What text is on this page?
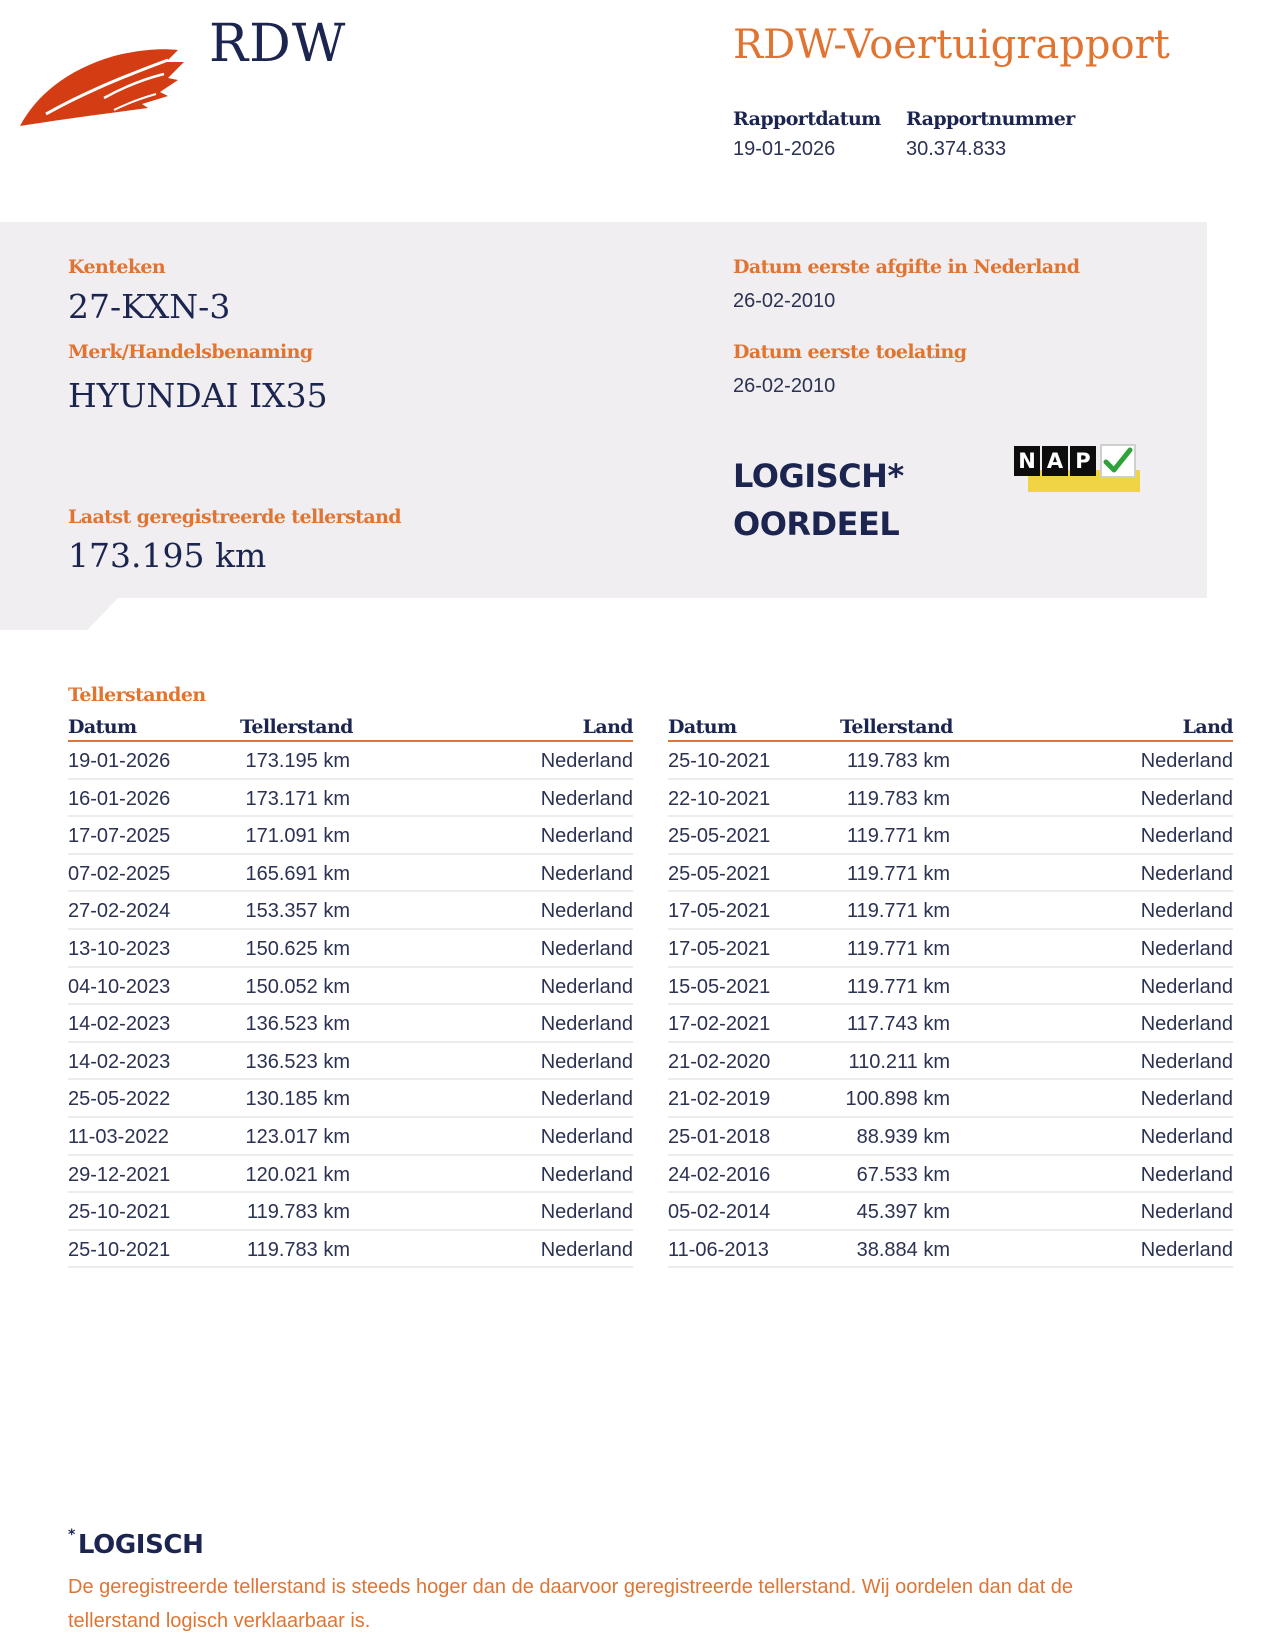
RDW	RDW-Voertuigrapport
Rapportdatum
19-01-2026
Rapportnummer
30.374.833
Kenteken
27-KXN-3
Merk/Handelsbenaming
HYUNDAI IX35
Laatst geregistreerde tellerstand
173.195 km
Datum eerste afgifte in Nederland
26-02-2010
Datum eerste toelating
26-02-2010
LOGISCH*
OORDEEL
N A P
Tellerstanden
Datum	Tellerstand	Land
19-01-2026	173.195 km	Nederland
16-01-2026	173.171 km	Nederland
17-07-2025	171.091 km	Nederland
07-02-2025	165.691 km	Nederland
27-02-2024	153.357 km	Nederland
13-10-2023	150.625 km	Nederland
04-10-2023	150.052 km	Nederland
14-02-2023	136.523 km	Nederland
14-02-2023	136.523 km	Nederland
25-05-2022	130.185 km	Nederland
11-03-2022	123.017 km	Nederland
29-12-2021	120.021 km	Nederland
25-10-2021	119.783 km	Nederland
25-10-2021	119.783 km	Nederland
Datum	Tellerstand	Land
25-10-2021	119.783 km	Nederland
22-10-2021	119.783 km	Nederland
25-05-2021	119.771 km	Nederland
25-05-2021	119.771 km	Nederland
17-05-2021	119.771 km	Nederland
17-05-2021	119.771 km	Nederland
15-05-2021	119.771 km	Nederland
17-02-2021	117.743 km	Nederland
21-02-2020	110.211 km	Nederland
21-02-2019	100.898 km	Nederland
25-01-2018	88.939 km	Nederland
24-02-2016	67.533 km	Nederland
05-02-2014	45.397 km	Nederland
11-06-2013	38.884 km	Nederland
* LOGISCH
De geregistreerde tellerstand is steeds hoger dan de daarvoor geregistreerde tellerstand. Wij oordelen dan dat de tellerstand logisch verklaarbaar is.
